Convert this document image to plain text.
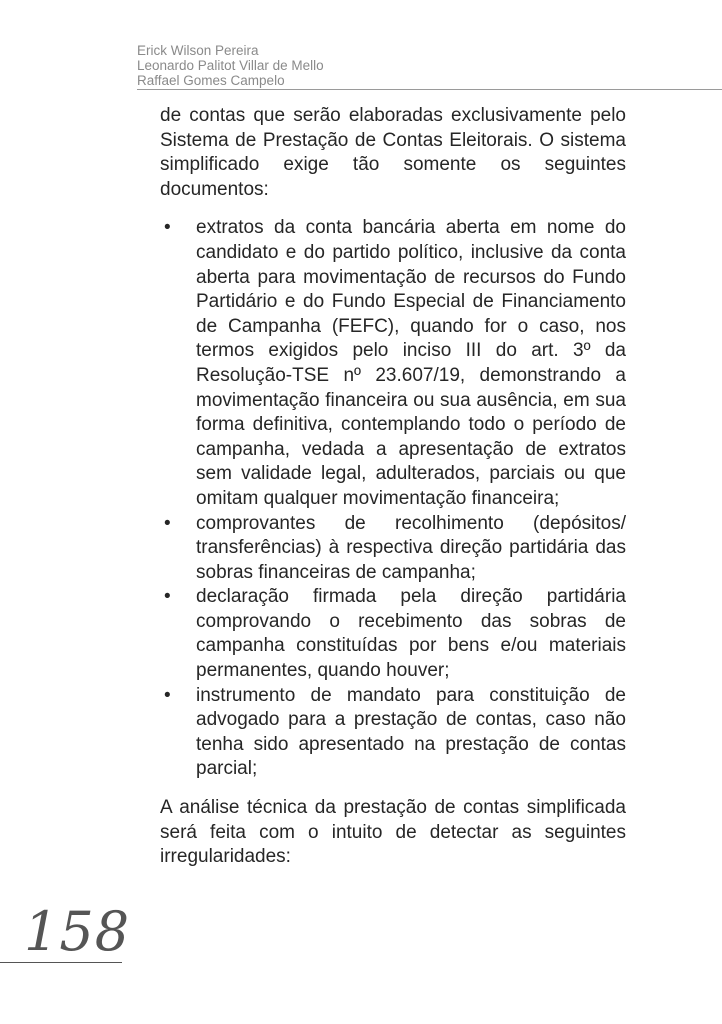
Erick Wilson Pereira
Leonardo Palitot Villar de Mello
Raffael Gomes Campelo

de contas que serão elaboradas exclusivamente pelo Sistema de Prestação de Contas Eleitorais. O sistema simplificado exige tão somente os seguintes documentos:

• extratos da conta bancária aberta em nome do candidato e do partido político, inclusive da conta aberta para movimentação de recursos do Fundo Partidário e do Fundo Especial de Financiamento de Campanha (FEFC), quando for o caso, nos termos exigidos pelo inciso III do art. 3º da Resolução-TSE nº 23.607/19, demonstrando a movimentação financeira ou sua ausência, em sua forma definitiva, contemplando todo o período de campanha, vedada a apresentação de extratos sem validade legal, adulterados, parciais ou que omitam qualquer movimentação financeira;
• comprovantes de recolhimento (depósitos/ transferências) à respectiva direção partidária das sobras financeiras de campanha;
• declaração firmada pela direção partidária comprovando o recebimento das sobras de campanha constituídas por bens e/ou materiais permanentes, quando houver;
• instrumento de mandato para constituição de advogado para a prestação de contas, caso não tenha sido apresentado na prestação de contas parcial;

A análise técnica da prestação de contas simplificada será feita com o intuito de detectar as seguintes irregularidades:

158
